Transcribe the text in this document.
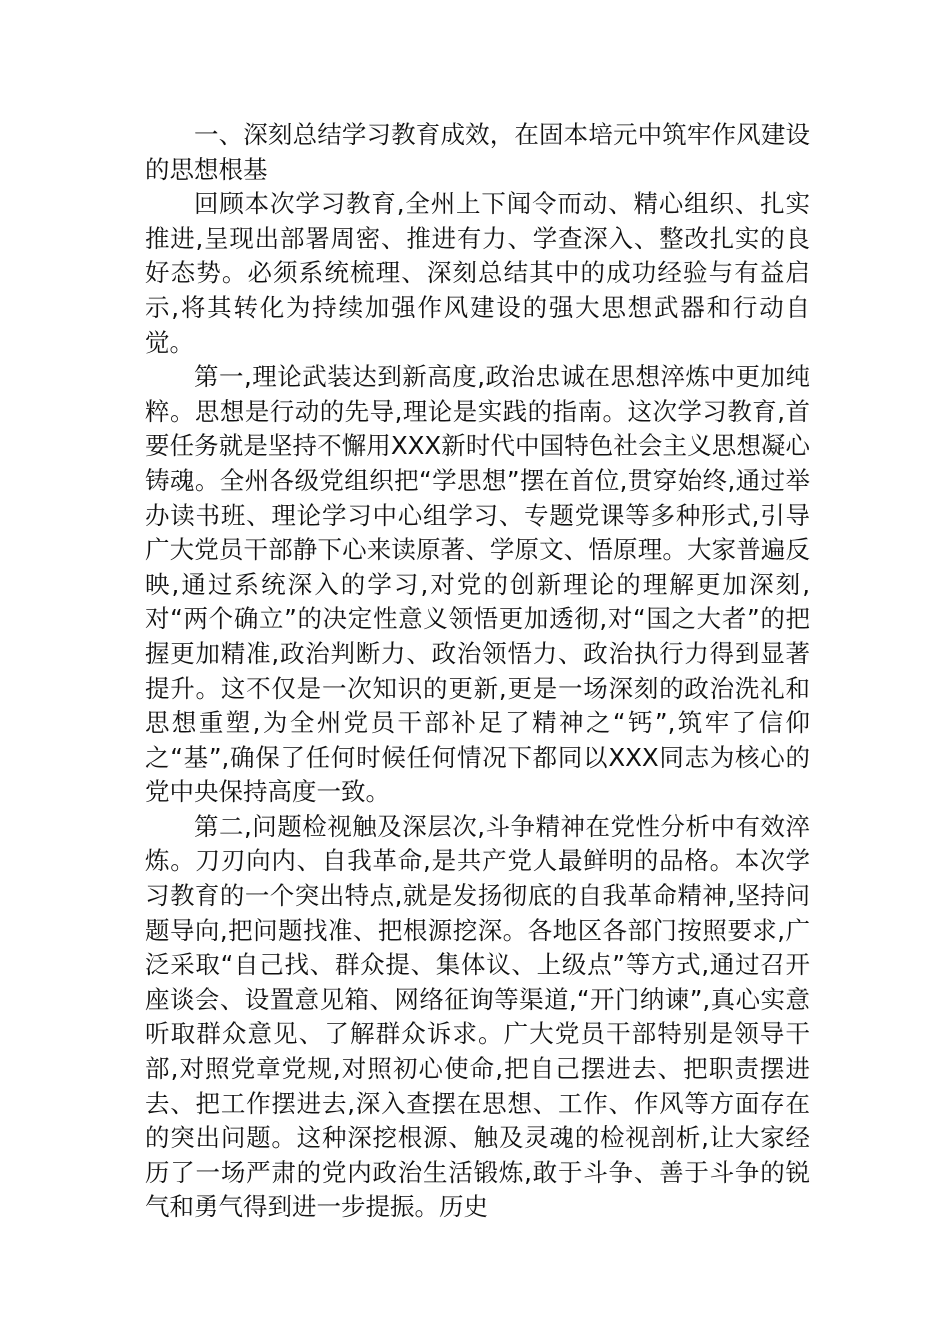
一、深刻总结学习教育成效，在固本培元中筑牢作风建设的思想根基

回顾本次学习教育,全州上下闻令而动、精心组织、扎实推进,呈现出部署周密、推进有力、学查深入、整改扎实的良好态势。必须系统梳理、深刻总结其中的成功经验与有益启示,将其转化为持续加强作风建设的强大思想武器和行动自觉。

第一,理论武装达到新高度,政治忠诚在思想淬炼中更加纯粹。思想是行动的先导,理论是实践的指南。这次学习教育,首要任务就是坚持不懈用XXX新时代中国特色社会主义思想凝心铸魂。全州各级党组织把“学思想”摆在首位,贯穿始终,通过举办读书班、理论学习中心组学习、专题党课等多种形式,引导广大党员干部静下心来读原著、学原文、悟原理。大家普遍反映,通过系统深入的学习,对党的创新理论的理解更加深刻,对“两个确立”的决定性意义领悟更加透彻,对“国之大者”的把握更加精准,政治判断力、政治领悟力、政治执行力得到显著提升。这不仅是一次知识的更新,更是一场深刻的政治洗礼和思想重塑,为全州党员干部补足了精神之“钙”,筑牢了信仰之“基”,确保了任何时候任何情况下都同以XXX同志为核心的党中央保持高度一致。

第二,问题检视触及深层次,斗争精神在党性分析中有效淬炼。刀刃向内、自我革命,是共产党人最鲜明的品格。本次学习教育的一个突出特点,就是发扬彻底的自我革命精神,坚持问题导向,把问题找准、把根源挖深。各地区各部门按照要求,广泛采取“自己找、群众提、集体议、上级点”等方式,通过召开座谈会、设置意见箱、网络征询等渠道,“开门纳谏”,真心实意听取群众意见、了解群众诉求。广大党员干部特别是领导干部,对照党章党规,对照初心使命,把自己摆进去、把职责摆进去、把工作摆进去,深入查摆在思想、工作、作风等方面存在的突出问题。这种深挖根源、触及灵魂的检视剖析,让大家经历了一场严肃的党内政治生活锻炼,敢于斗争、善于斗争的锐气和勇气得到进一步提振。历史
